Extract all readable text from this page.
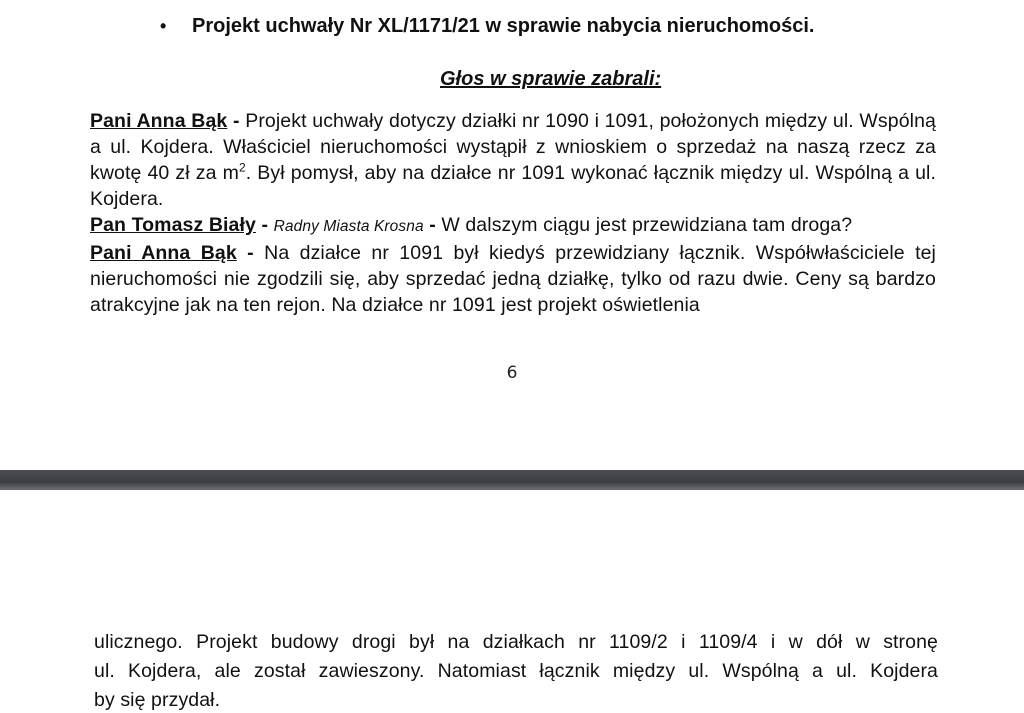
• Projekt uchwały Nr XL/1171/21 w sprawie nabycia nieruchomości.
Głos w sprawie zabrali:
Pani Anna Bąk - Projekt uchwały dotyczy działki nr 1090 i 1091, położonych między ul. Wspólną a ul. Kojdera. Właściciel nieruchomości wystąpił z wnioskiem o sprzedaż na naszą rzecz za kwotę 40 zł za $m^2$. Był pomysł, aby na działce nr 1091 wykonać łącznik między ul. Wspólną a ul. Kojdera.
Pan Tomasz Biały - Radny Miasta Krosna - W dalszym ciągu jest przewidziana tam droga?
Pani Anna Bąk - Na działce nr 1091 był kiedyś przewidziany łącznik. Współwłaściciele tej nieruchomości nie zgodzili się, aby sprzedać jedną działkę, tylko od razu dwie. Ceny są bardzo atrakcyjne jak na ten rejon. Na działce nr 1091 jest projekt oświetlenia
6
ulicznego. Projekt budowy drogi był na działkach nr 1109/2 i 1109/4 i w dół w stronę
ul. Kojdera, ale został zawieszony. Natomiast łącznik między ul. Wspólną a ul. Kojdera
by się przydał.
